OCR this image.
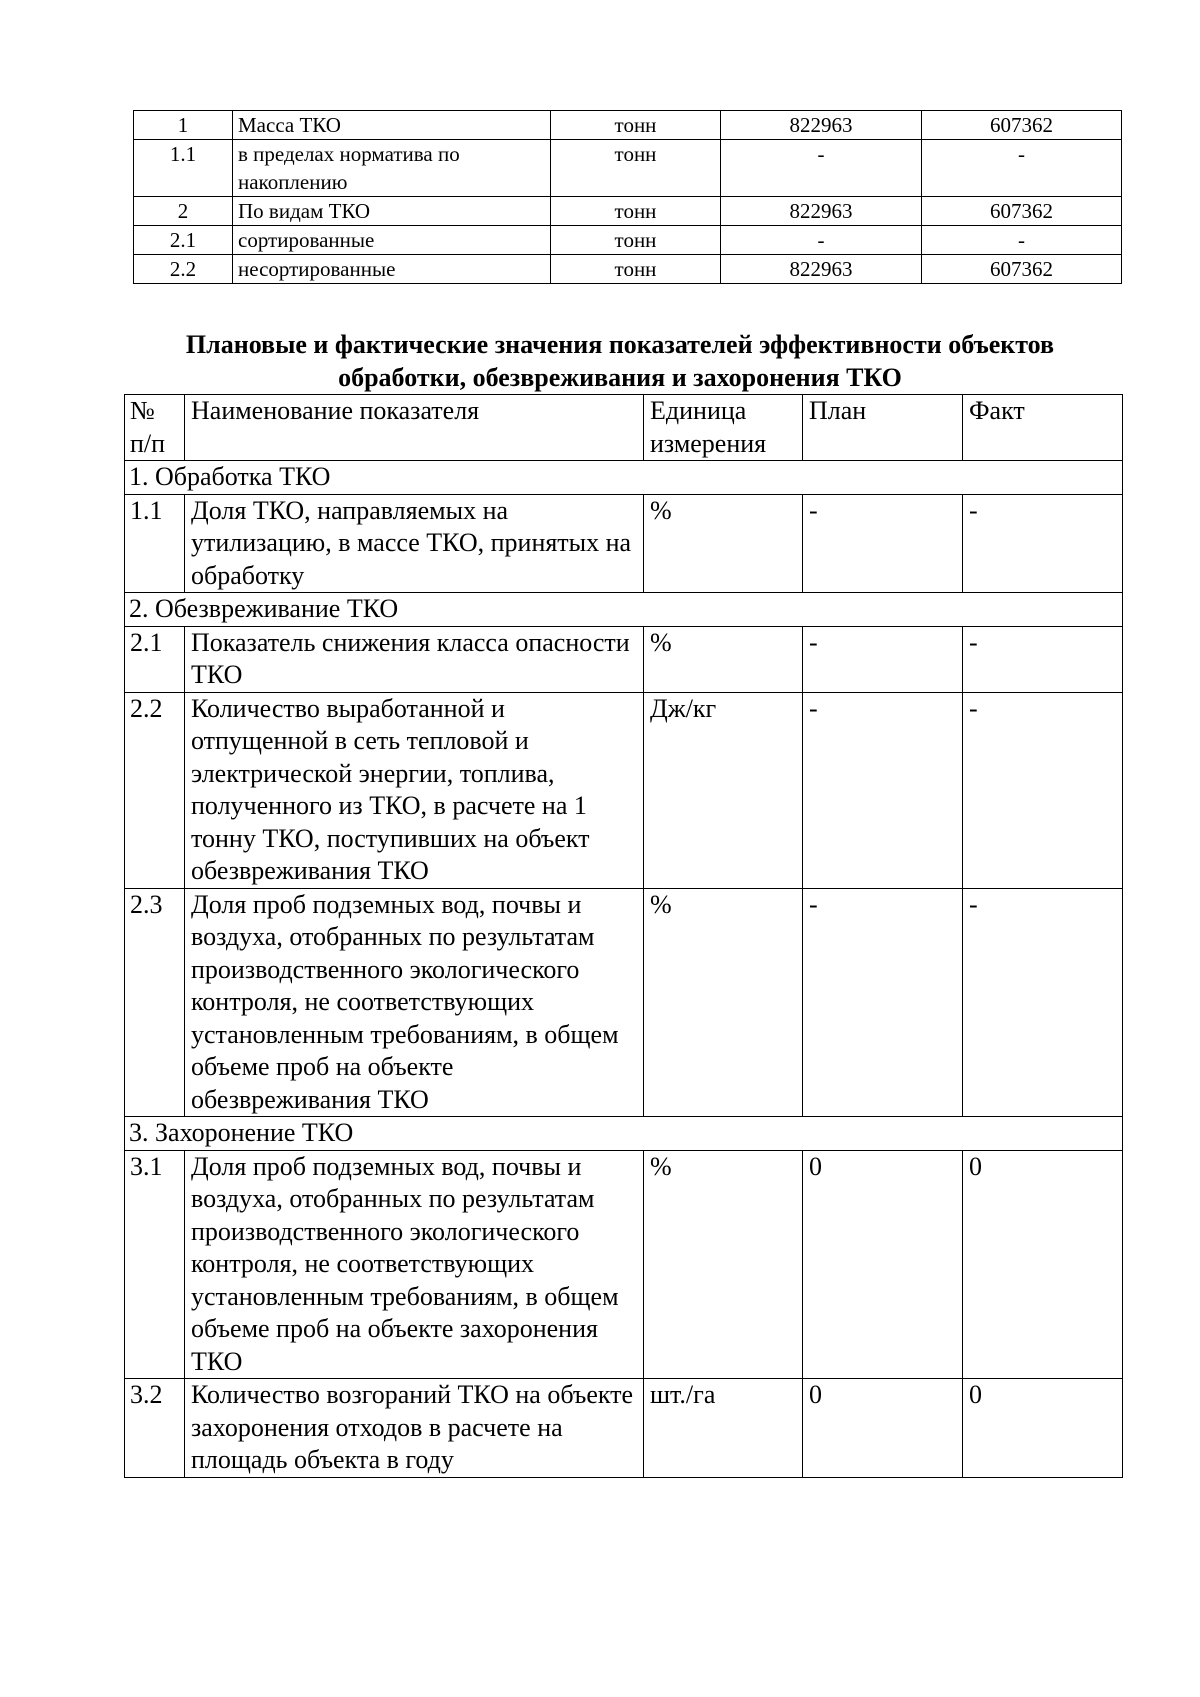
1	Масса ТКО	тонн	822963	607362
1.1	в пределах норматива по накоплению	тонн	-	-
2	По видам ТКО	тонн	822963	607362
2.1	сортированные	тонн	-	-
2.2	несортированные	тонн	822963	607362
Плановые и фактические значения показателей эффективности объектов обработки, обезвреживания и захоронения ТКО
№ п/п	Наименование показателя	Единица измерения	План	Факт
1. Обработка ТКО				
1.1	Доля ТКО, направляемых на утилизацию, в массе ТКО, принятых на обработку	%	-	-
2. Обезвреживание ТКО				
2.1	Показатель снижения класса опасности ТКО	%	-	-
2.2	Количество выработанной и отпущенной в сеть тепловой и электрической энергии, топлива, полученного из ТКО, в расчете на 1 тонну ТКО, поступивших на объект обезвреживания ТКО	Дж/кг	-	-
2.3	Доля проб подземных вод, почвы и воздуха, отобранных по результатам производственного экологического контроля, не соответствующих установленным требованиям, в общем объеме проб на объекте обезвреживания ТКО	%	-	-
3. Захоронение ТКО				
3.1	Доля проб подземных вод, почвы и воздуха, отобранных по результатам производственного экологического контроля, не соответствующих установленным требованиям, в общем объеме проб на объекте захоронения ТКО	%	0	0
3.2	Количество возгораний ТКО на объекте захоронения отходов в расчете на площадь объекта в году	шт./га	0	0
